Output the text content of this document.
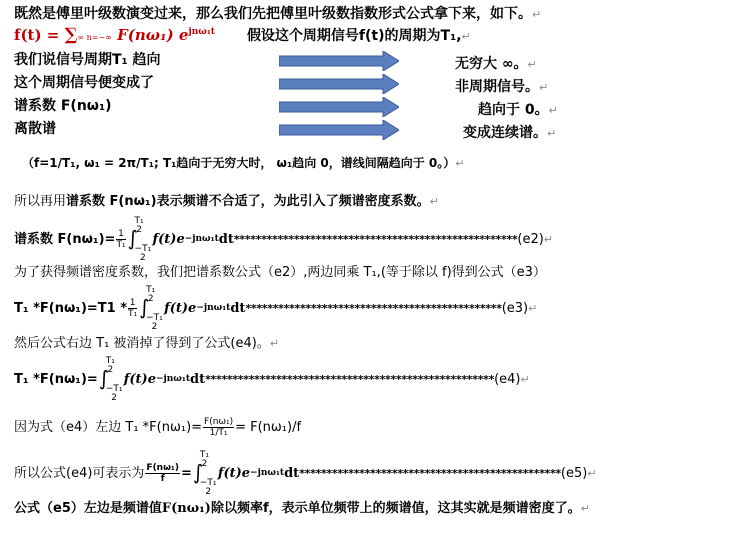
既然是傅里叶级数演变过来，那么我们先把傅里叶级数指数形式公式拿下来，如下。↵
f(t) = ∑∞ n=−∞ F(nω₁) $e^{jn\omega_1t}$ 假设这个周期信号f(t)的周期为T₁,↵
我们说信号周期T₁ 趋向
这个周期信号便变成了
谱系数 F(nω₁)
离散谱
无穷大 ∞。↵
非周期信号。↵
趋向于 0。↵
变成连续谱。↵
（f=1/T₁, ω₁ = 2π/T₁; T₁趋向于无穷大时， ω₁趋向 0，谱线间隔趋向于 0。）↵
所以再用谱系数 F(nω₁)表示频谱不合适了，为此引入了频谱密度系数。↵
谱系数 $F(n\omega_1)= \frac{1}{\text{T₁}}$
T₁
2
∫
−T₁
2
f(t)e −jnω₁t dt **************************************************** (e2) ↵
为了获得频谱密度系数，我们把谱系数公式（e2）,两边同乘 T₁,(等于除以 f)得到公式（e3）
T₁ $*F(n\omega_1)=T1 * \frac{1}{\text{T₁}}$
T₁
2
∫
−T₁
2
f(t)e −jnω₁t dt *********************************************** (e3) ↵
然后公式右边 T₁ 被消掉了得到了公式(e4)。↵
T₁ *F(nω₁)=
T₁
2
∫
−T₁
2
f(t)e −jnω₁t dt ***************************************************** (e4) ↵
因为式（e4）左边 T₁ $*F(n\omega_1)= \frac{\text{F(nω₁)}}{\text{1/T₁}} = F(n\omega_1)/f$
所以公式(e4)可表示为 $\frac{\text{F(nω₁)}}{f}$ =
T₁
2
∫
−T₁
2
f(t)e −jnω₁t dt ************************************************ (e5) ↵
公式（e5）左边是频谱值F(nω₁)除以频率f，表示单位频带上的频谱值，这其实就是频谱密度了。↵
